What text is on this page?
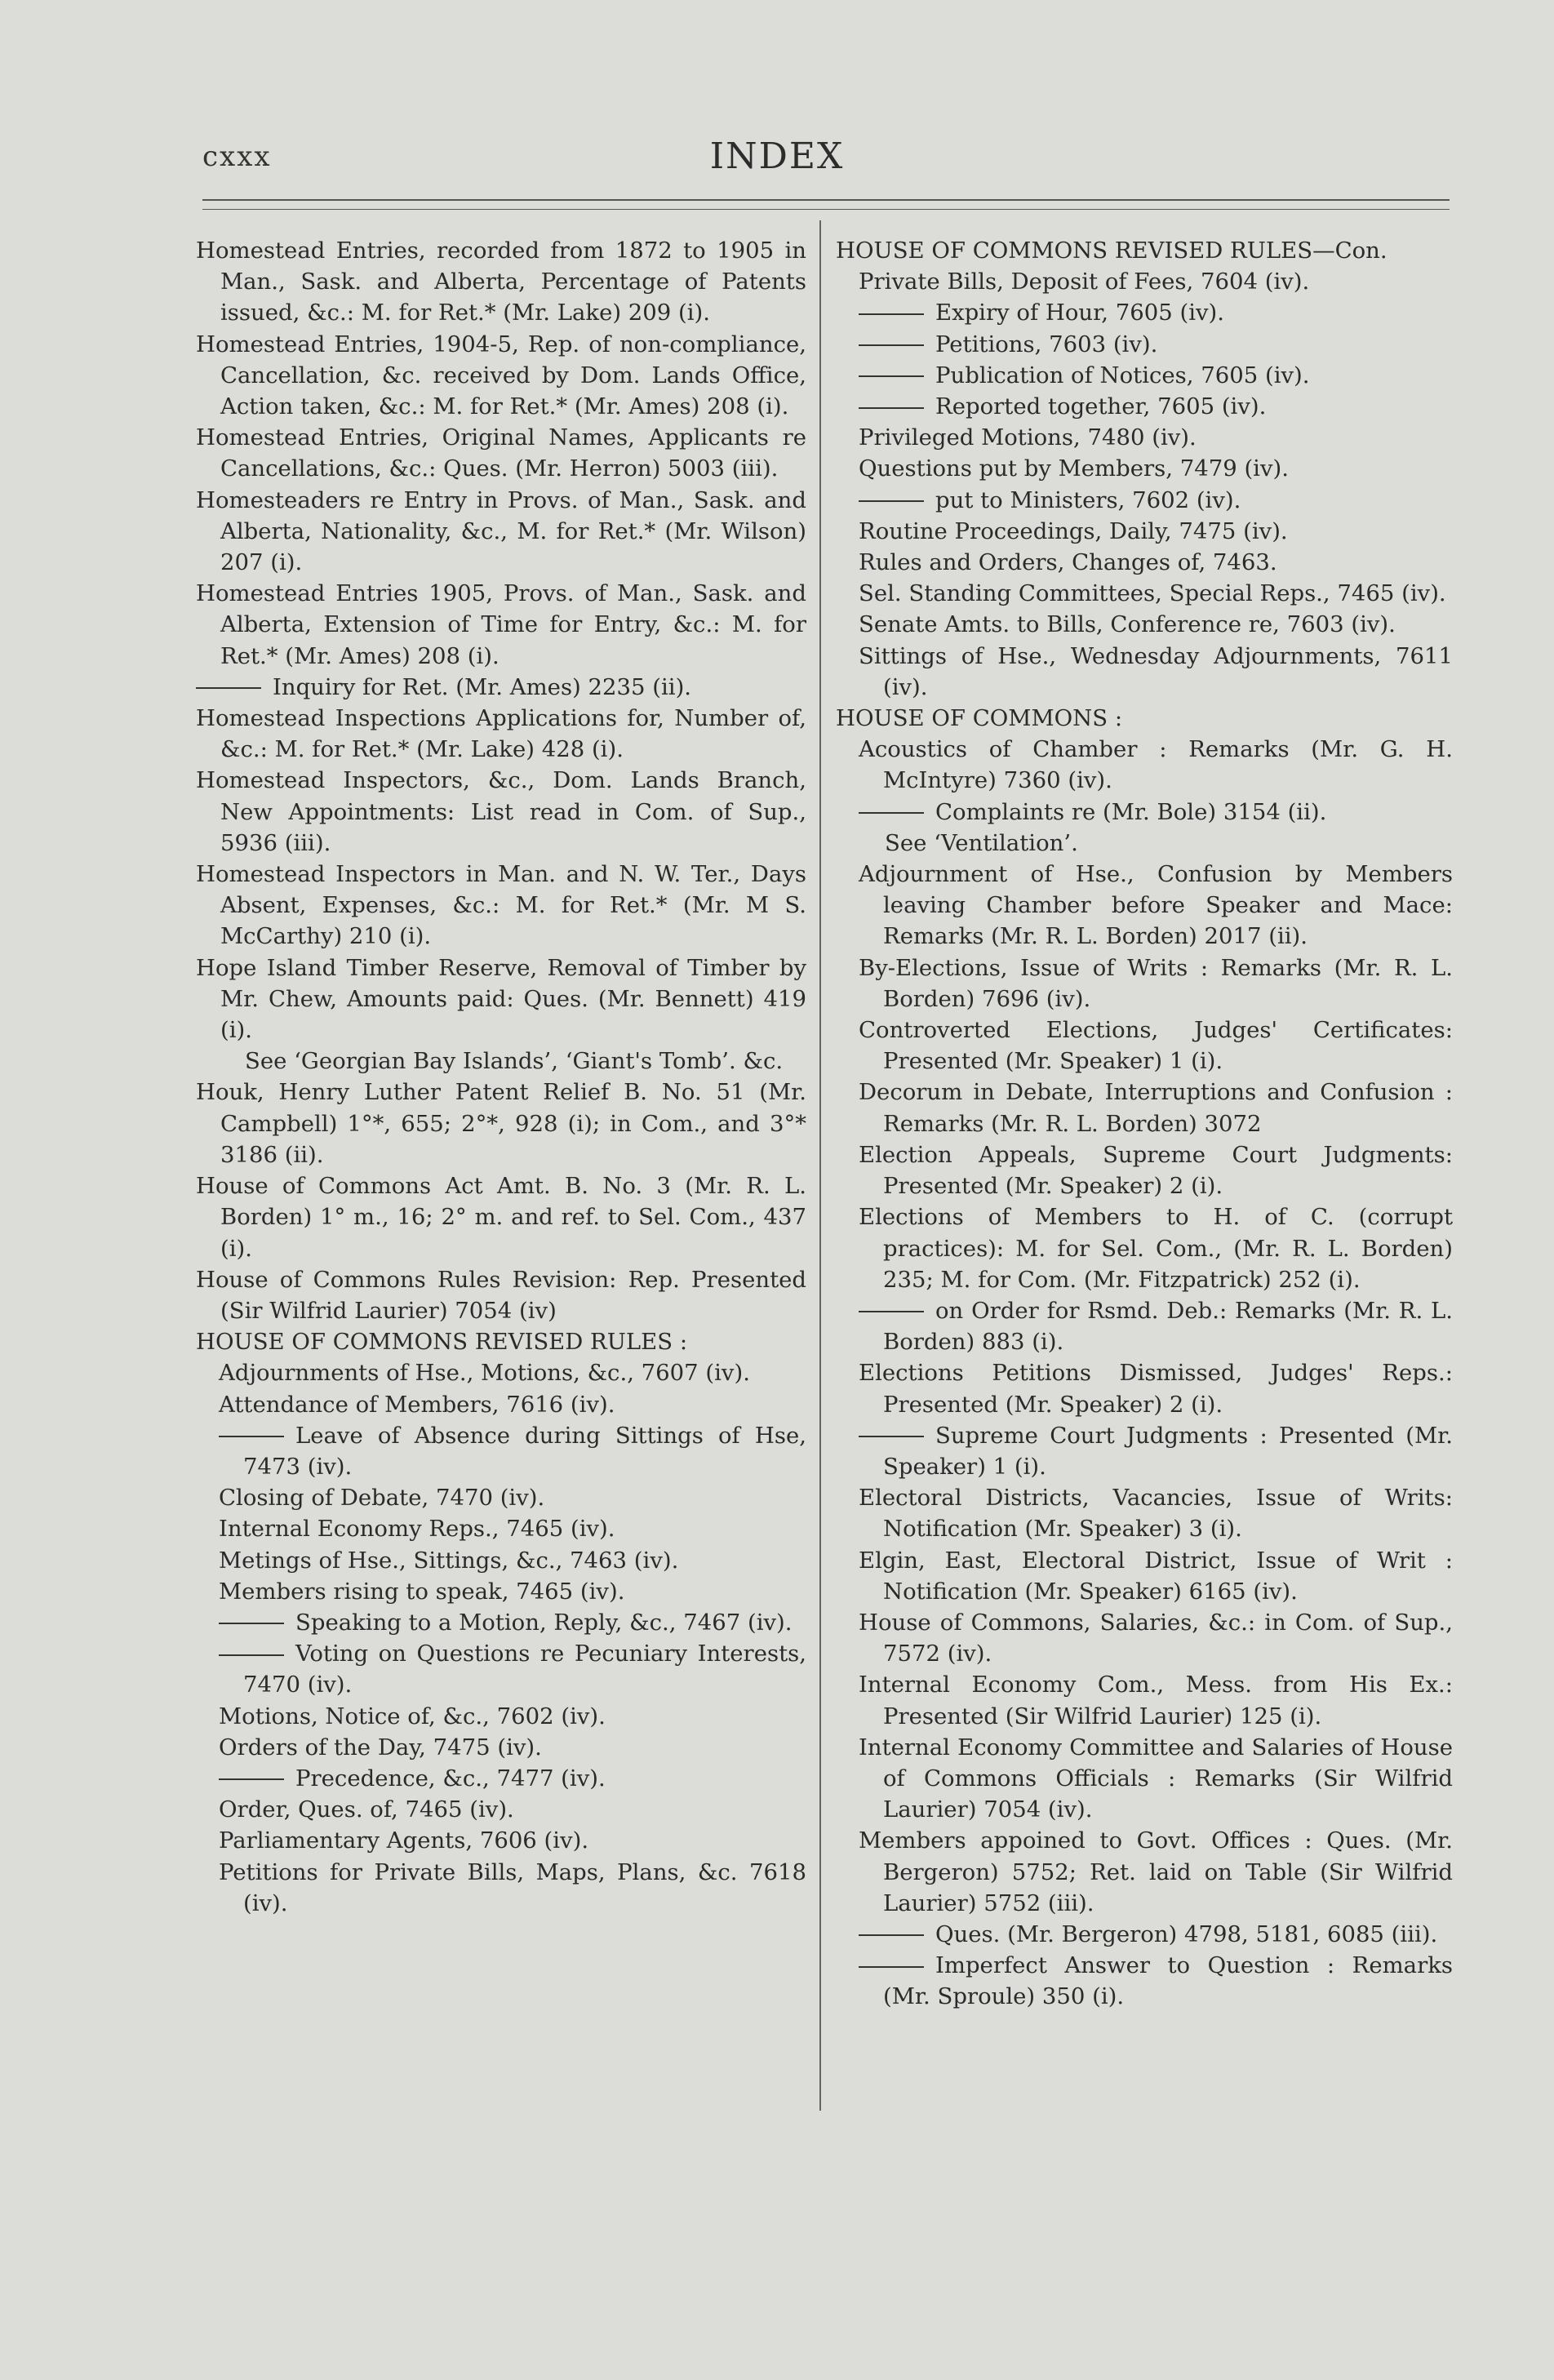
cxxx	INDEX

Homestead Entries, recorded from 1872 to 1905 in Man., Sask. and Alberta, Percentage of Patents issued, &c.: M. for Ret.* (Mr. Lake) 209 (i).

Homestead Entries, 1904-5, Rep. of non-compliance, Cancellation, &c. received by Dom. Lands Office, Action taken, &c.: M. for Ret.* (Mr. Ames) 208 (i).

Homestead Entries, Original Names, Applicants re Cancellations, &c.: Ques. (Mr. Herron) 5003 (iii).

Homesteaders re Entry in Provs. of Man., Sask. and Alberta, Nationality, &c., M. for Ret.* (Mr. Wilson) 207 (i).

Homestead Entries 1905, Provs. of Man., Sask. and Alberta, Extension of Time for Entry, &c.: M. for Ret.* (Mr. Ames) 208 (i).

Inquiry for Ret. (Mr. Ames) 2235 (ii).

Homestead Inspections Applications for, Number of, &c.: M. for Ret.* (Mr. Lake) 428 (i).

Homestead Inspectors, &c., Dom. Lands Branch, New Appointments: List read in Com. of Sup., 5936 (iii).

Homestead Inspectors in Man. and N. W. Ter., Days Absent, Expenses, &c.: M. for Ret.* (Mr. M S. McCarthy) 210 (i).

Hope Island Timber Reserve, Removal of Timber by Mr. Chew, Amounts paid: Ques. (Mr. Bennett) 419 (i).

See ‘Georgian Bay Islands’, ‘Giant's Tomb’. &c.

Houk, Henry Luther Patent Relief B. No. 51 (Mr. Campbell) 1°*, 655; 2°*, 928 (i); in Com., and 3°* 3186 (ii).

House of Commons Act Amt. B. No. 3 (Mr. R. L. Borden) 1° m., 16; 2° m. and ref. to Sel. Com., 437 (i).

House of Commons Rules Revision: Rep. Presented (Sir Wilfrid Laurier) 7054 (iv)

HOUSE OF COMMONS REVISED RULES :

Adjournments of Hse., Motions, &c., 7607 (iv).

Attendance of Members, 7616 (iv).

Leave of Absence during Sittings of Hse, 7473 (iv).

Closing of Debate, 7470 (iv).

Internal Economy Reps., 7465 (iv).

Metings of Hse., Sittings, &c., 7463 (iv).

Members rising to speak, 7465 (iv).

Speaking to a Motion, Reply, &c., 7467 (iv).

Voting on Questions re Pecuniary Interests, 7470 (iv).

Motions, Notice of, &c., 7602 (iv).

Orders of the Day, 7475 (iv).

Precedence, &c., 7477 (iv).

Order, Ques. of, 7465 (iv).

Parliamentary Agents, 7606 (iv).

Petitions for Private Bills, Maps, Plans, &c. 7618 (iv).

HOUSE OF COMMONS REVISED RULES—Con.

Private Bills, Deposit of Fees, 7604 (iv).

Expiry of Hour, 7605 (iv).

Petitions, 7603 (iv).

Publication of Notices, 7605 (iv).

Reported together, 7605 (iv).

Privileged Motions, 7480 (iv).

Questions put by Members, 7479 (iv).

put to Ministers, 7602 (iv).

Routine Proceedings, Daily, 7475 (iv).

Rules and Orders, Changes of, 7463.

Sel. Standing Committees, Special Reps., 7465 (iv).

Senate Amts. to Bills, Conference re, 7603 (iv).

Sittings of Hse., Wednesday Adjournments, 7611 (iv).

HOUSE OF COMMONS :

Acoustics of Chamber : Remarks (Mr. G. H. McIntyre) 7360 (iv).

Complaints re (Mr. Bole) 3154 (ii).

See ‘Ventilation’.

Adjournment of Hse., Confusion by Members leaving Chamber before Speaker and Mace: Remarks (Mr. R. L. Borden) 2017 (ii).

By-Elections, Issue of Writs : Remarks (Mr. R. L. Borden) 7696 (iv).

Controverted Elections, Judges' Certificates: Presented (Mr. Speaker) 1 (i).

Decorum in Debate, Interruptions and Confusion : Remarks (Mr. R. L. Borden) 3072

Election Appeals, Supreme Court Judgments: Presented (Mr. Speaker) 2 (i).

Elections of Members to H. of C. (corrupt practices): M. for Sel. Com., (Mr. R. L. Borden) 235; M. for Com. (Mr. Fitzpatrick) 252 (i).

on Order for Rsmd. Deb.: Remarks (Mr. R. L. Borden) 883 (i).

Elections Petitions Dismissed, Judges' Reps.: Presented (Mr. Speaker) 2 (i).

Supreme Court Judgments : Presented (Mr. Speaker) 1 (i).

Electoral Districts, Vacancies, Issue of Writs: Notification (Mr. Speaker) 3 (i).

Elgin, East, Electoral District, Issue of Writ : Notification (Mr. Speaker) 6165 (iv).

House of Commons, Salaries, &c.: in Com. of Sup., 7572 (iv).

Internal Economy Com., Mess. from His Ex.: Presented (Sir Wilfrid Laurier) 125 (i).

Internal Economy Committee and Salaries of House of Commons Officials : Remarks (Sir Wilfrid Laurier) 7054 (iv).

Members appoined to Govt. Offices : Ques. (Mr. Bergeron) 5752; Ret. laid on Table (Sir Wilfrid Laurier) 5752 (iii).

Ques. (Mr. Bergeron) 4798, 5181, 6085 (iii).

Imperfect Answer to Question : Remarks (Mr. Sproule) 350 (i).
